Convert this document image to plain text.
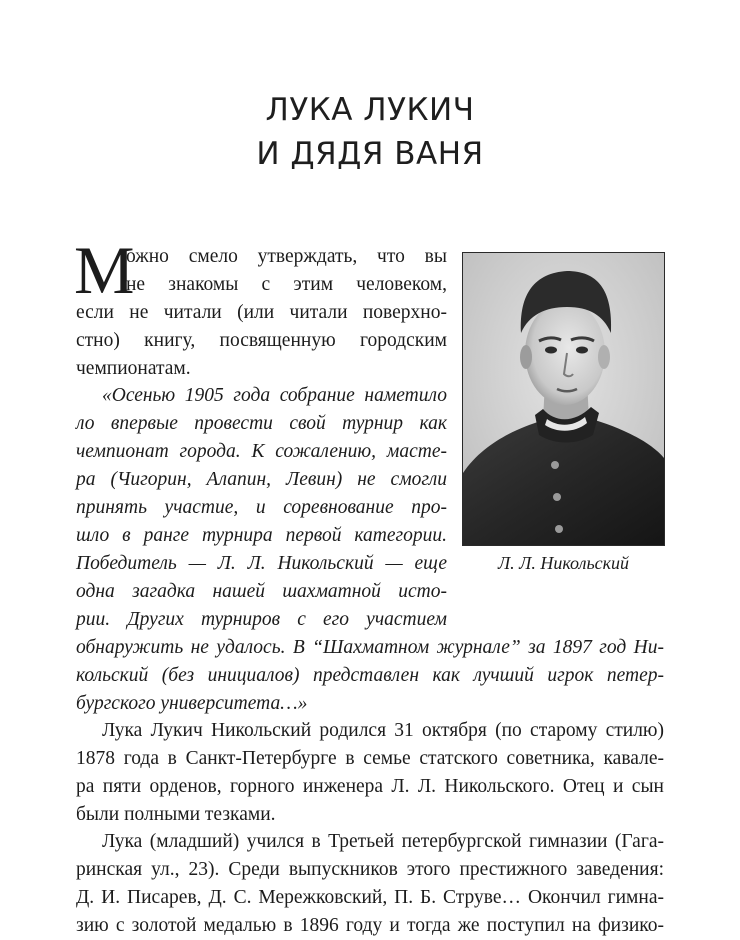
ЛУКА ЛУКИЧ
И ДЯДЯ ВАНЯ
М
ожно смело утверждать, что вы
не знакомы с этим человеком,
если не читали (или читали поверхно-
стно) книгу, посвященную городским
чемпионатам.
«Осенью 1905 года собрание наметило
ло впервые провести свой турнир как
чемпионат города. К сожалению, масте-
ра (Чигорин, Алапин, Левин) не смогли
принять участие, и соревнование про-
шло в ранге турнира первой категории.
Победитель — Л. Л. Никольский — еще
одна загадка нашей шахматной исто-
рии. Других турниров с его участием
обнаружить не удалось. В “Шахматном журнале” за 1897 год Ни-
кольский (без инициалов) представлен как лучший игрок петер-
бургского университета…»
Лука Лукич Никольский родился 31 октября (по старому стилю)
1878 года в Санкт-Петербурге в семье статского советника, кавале-
ра пяти орденов, горного инженера Л. Л. Никольского. Отец и сын
были полными тезками.
Лука (младший) учился в Третьей петербургской гимназии (Гага-
ринская ул., 23). Среди выпускников этого престижного заведения:
Д. И. Писарев, Д. С. Мережковский, П. Б. Струве… Окончил гимна-
зию с золотой медалью в 1896 году и тогда же поступил на физико-
Л. Л. Никольский
